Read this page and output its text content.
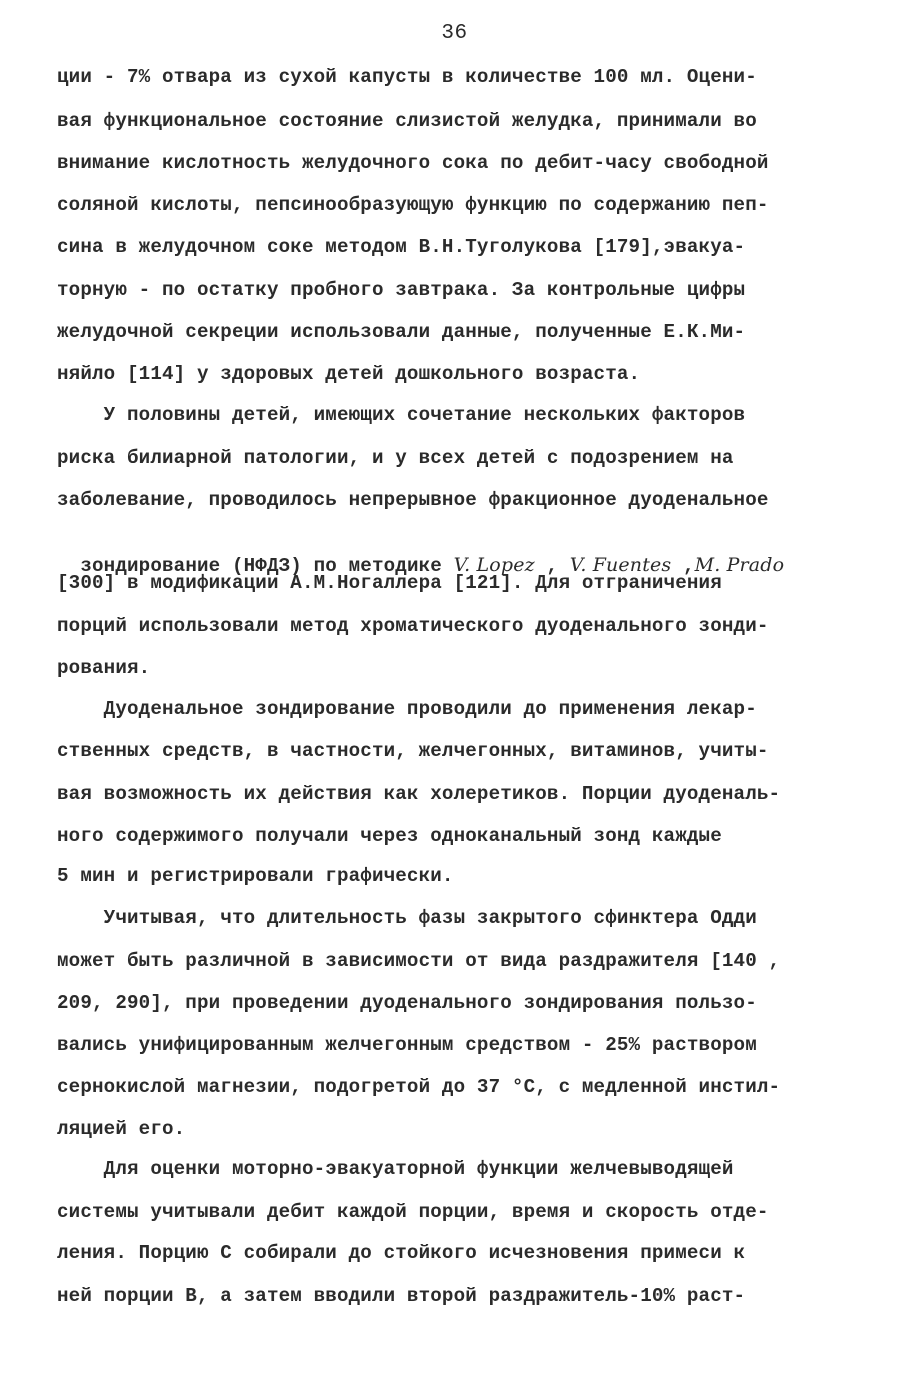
36
ции - 7% отвара из сухой капусты в количестве 100 мл. Оцени-
вая функциональное состояние слизистой желудка, принимали во
внимание кислотность желудочного сока по дебит-часу свободной
соляной кислоты, пепсинообразующую функцию по содержанию пеп-
сина в желудочном соке методом В.Н.Туголукова [179],эвакуа-
торную - по остатку пробного завтрака. За контрольные цифры
желудочной секреции использовали данные, полученные Е.К.Ми-
няйло [114] у здоровых детей дошкольного возраста.
У половины детей, имеющих сочетание нескольких факторов
риска билиарной патологии, и у всех детей с подозрением на
заболевание, проводилось непрерывное фракционное дуоденальное

зондирование (НФДЗ) по методике V. Lopez , V. Fuentes ,M. Prado

[300] в модификации А.М.Ногаллера [121]. Для отграничения
порций использовали метод хроматического дуоденального зонди-
рования.
Дуоденальное зондирование проводили до применения лекар-
ственных средств, в частности, желчегонных, витаминов, учиты-
вая возможность их действия как холеретиков. Порции дуоденаль-
ного содержимого получали через одноканальный зонд каждые
5 мин и регистрировали графически.
Учитывая, что длительность фазы закрытого сфинктера Одди
может быть различной в зависимости от вида раздражителя [140 ,
209, 290], при проведении дуоденального зондирования пользо-
вались унифицированным желчегонным средством - 25% раствором
сернокислой магнезии, подогретой до 37 °С, с медленной инстил-
ляцией его.
Для оценки моторно-эвакуаторной функции желчевыводящей
системы учитывали дебит каждой порции, время и скорость отде-
ления. Порцию С собирали до стойкого исчезновения примеси к
ней порции В, а затем вводили второй раздражитель-10% раст-
